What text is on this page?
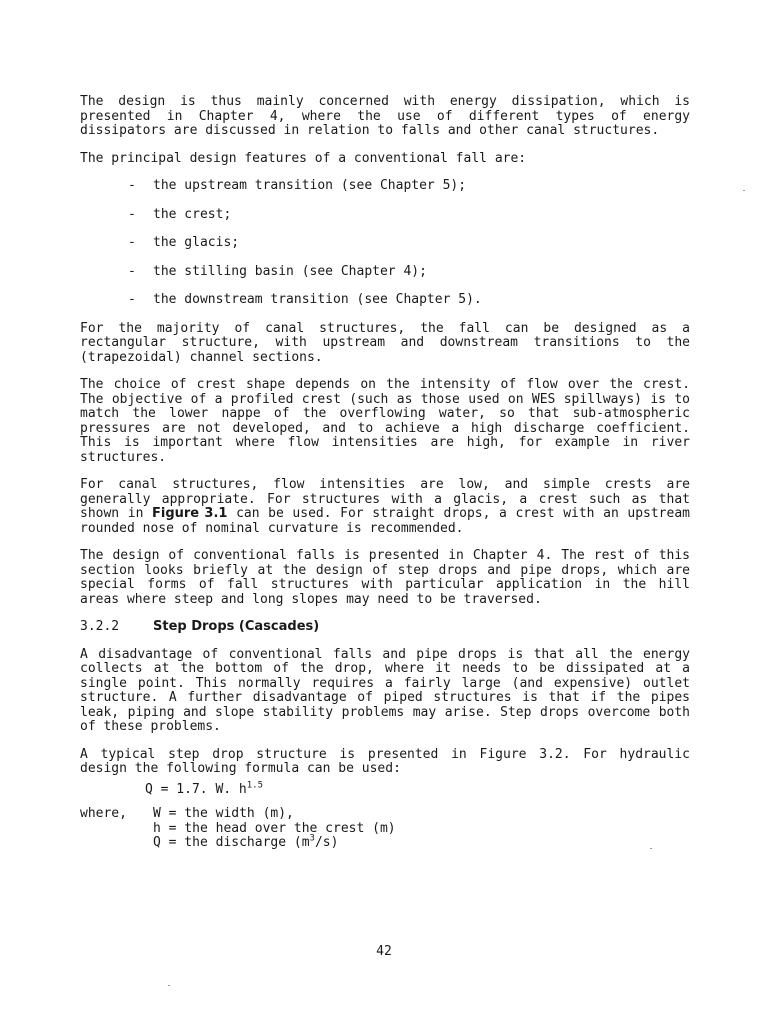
The design is thus mainly concerned with energy dissipation, which is presented in Chapter 4, where the use of different types of energy dissipators are discussed in relation to falls and other canal structures.

The principal design features of a conventional fall are:

-	the upstream transition (see Chapter 5);
-	the crest;
-	the glacis;
-	the stilling basin (see Chapter 4);
-	the downstream transition (see Chapter 5).

For the majority of canal structures, the fall can be designed as a rectangular structure, with upstream and downstream transitions to the (trapezoidal) channel sections.

The choice of crest shape depends on the intensity of flow over the crest. The objective of a profiled crest (such as those used on WES spillways) is to match the lower nappe of the overflowing water, so that sub-atmospheric pressures are not developed, and to achieve a high discharge coefficient. This is important where flow intensities are high, for example in river structures.

For canal structures, flow intensities are low, and simple crests are generally appropriate. For structures with a glacis, a crest such as that shown in Figure 3.1 can be used. For straight drops, a crest with an upstream rounded nose of nominal curvature is recommended.

The design of conventional falls is presented in Chapter 4. The rest of this section looks briefly at the design of step drops and pipe drops, which are special forms of fall structures with particular application in the hill areas where steep and long slopes may need to be traversed.

3.2.2	Step Drops (Cascades)

A disadvantage of conventional falls and pipe drops is that all the energy collects at the bottom of the drop, where it needs to be dissipated at a single point. This normally requires a fairly large (and expensive) outlet structure. A further disadvantage of piped structures is that if the pipes leak, piping and slope stability problems may arise. Step drops overcome both of these problems.

A typical step drop structure is presented in Figure 3.2. For hydraulic design the following formula can be used:

Q = 1.7. W. $h^{1.5}$
where,	W = the width (m),
h = the head over the crest (m)
Q = the discharge $(m^3/s)$
42
